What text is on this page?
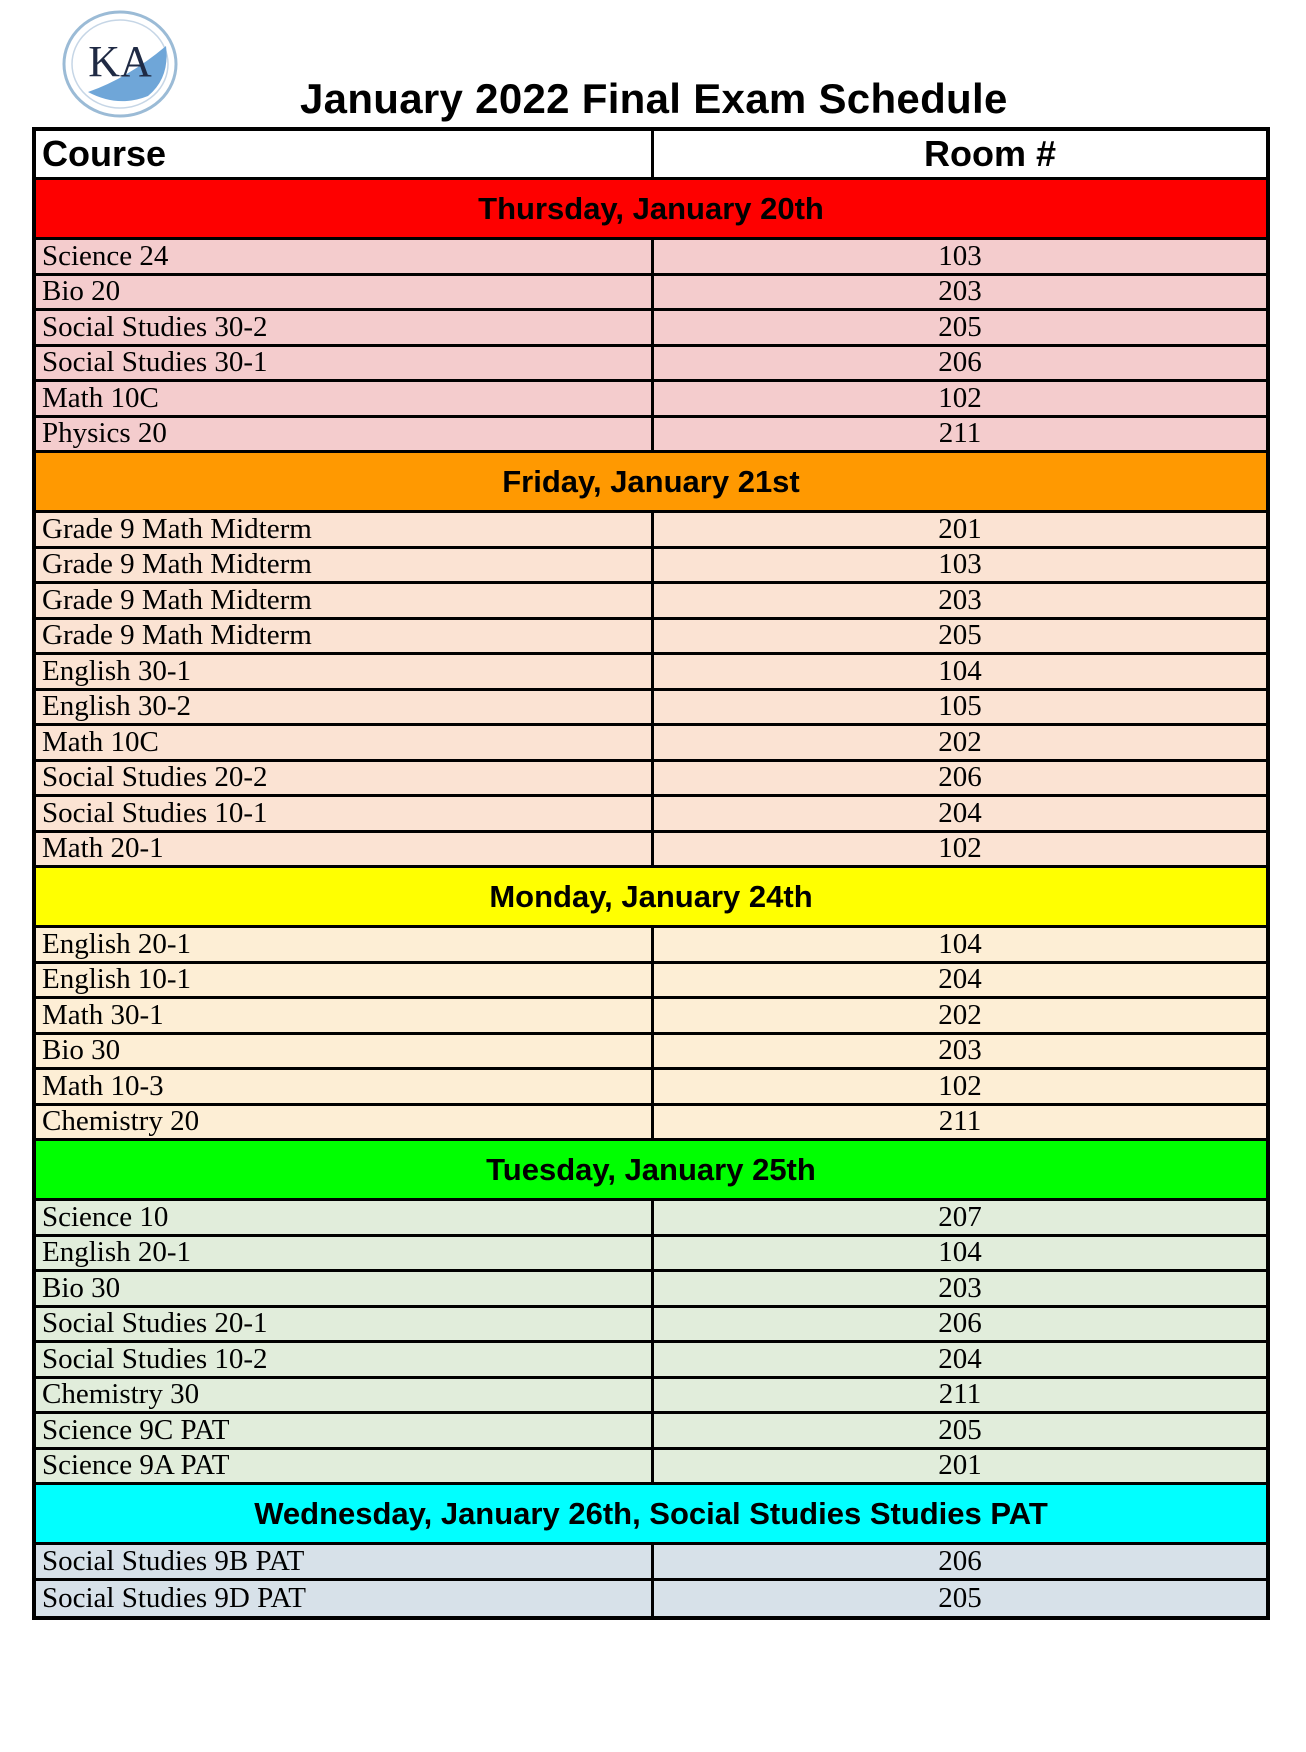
KA
January 2022 Final Exam Schedule
Course	Room #
Thursday, January 20th
Science 24	103
Bio 20	203
Social Studies 30-2	205
Social Studies 30-1	206
Math 10C	102
Physics 20	211
Friday, January 21st
Grade 9 Math Midterm	201
Grade 9 Math Midterm	103
Grade 9 Math Midterm	203
Grade 9 Math Midterm	205
English 30-1	104
English 30-2	105
Math 10C	202
Social Studies 20-2	206
Social Studies 10-1	204
Math 20-1	102
Monday, January 24th
English 20-1	104
English 10-1	204
Math 30-1	202
Bio 30	203
Math 10-3	102
Chemistry 20	211
Tuesday, January 25th
Science 10	207
English 20-1	104
Bio 30	203
Social Studies 20-1	206
Social Studies 10-2	204
Chemistry 30	211
Science 9C PAT	205
Science 9A PAT	201
Wednesday, January 26th, Social Studies Studies PAT
Social Studies 9B PAT	206
Social Studies 9D PAT	205
